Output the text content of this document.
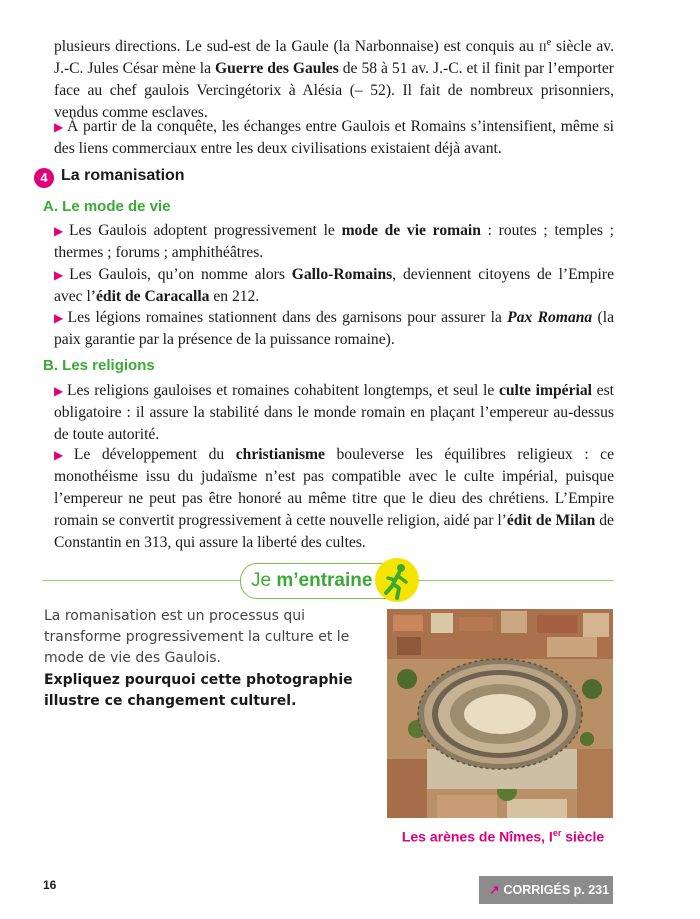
plusieurs directions. Le sud-est de la Gaule (la Narbonnaise) est conquis au IIe siècle av. J.-C. Jules César mène la Guerre des Gaules de 58 à 51 av. J.-C. et il finit par l’emporter face au chef gaulois Vercingétorix à Alésia (– 52). Il fait de nombreux prisonniers, vendus comme esclaves.

▶ À partir de la conquête, les échanges entre Gaulois et Romains s’intensifient, même si des liens commerciaux entre les deux civilisations existaient déjà avant.

4 La romanisation
A. Le mode de vie

▶ Les Gaulois adoptent progressivement le mode de vie romain : routes ; temples ; thermes ; forums ; amphithéâtres.

▶ Les Gaulois, qu’on nomme alors Gallo-Romains, deviennent citoyens de l’Empire avec l’édit de Caracalla en 212.

▶ Les légions romaines stationnent dans des garnisons pour assurer la Pax Romana (la paix garantie par la présence de la puissance romaine).

B. Les religions

▶ Les religions gauloises et romaines cohabitent longtemps, et seul le culte impérial est obligatoire : il assure la stabilité dans le monde romain en plaçant l’empereur au-dessus de toute autorité.

▶ Le développement du christianisme bouleverse les équilibres religieux : ce monothéisme issu du judaïsme n’est pas compatible avec le culte impérial, puisque l’empereur ne peut pas être honoré au même titre que le dieu des chrétiens. L’Empire romain se convertit progressivement à cette nouvelle religion, aidé par l’édit de Milan de Constantin en 313, qui assure la liberté des cultes.

Je m’entraine

La romanisation est un processus qui transforme progressivement la culture et le mode de vie des Gaulois.

Expliquez pourquoi cette photographie illustre ce changement culturel.

Les arènes de Nîmes, Ier siècle
16	↗ CORRIGÉS p. 231
